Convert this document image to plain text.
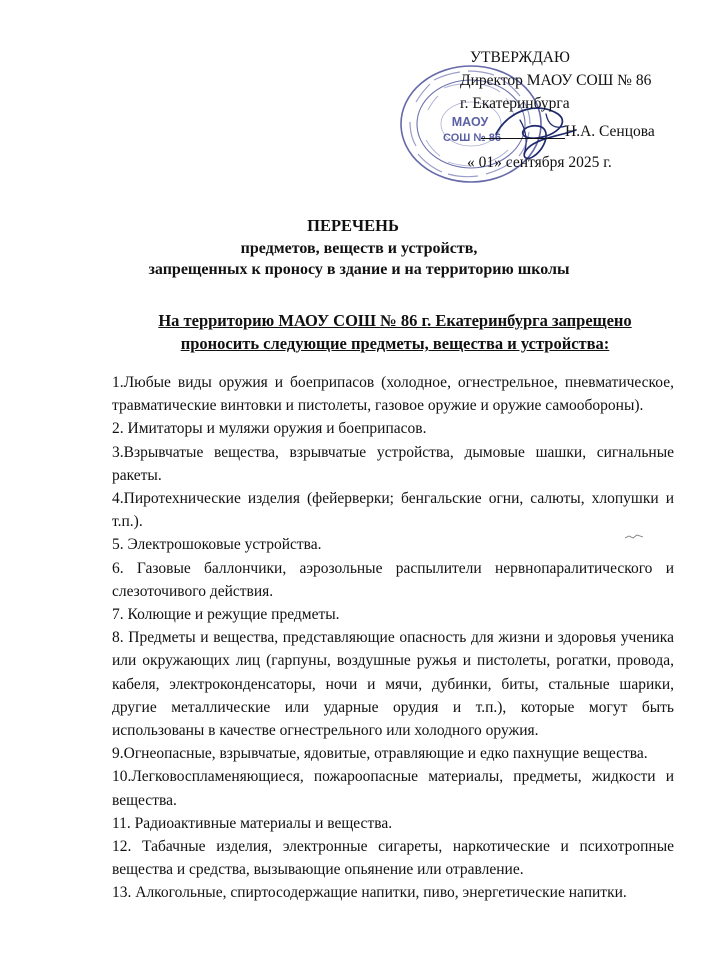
МАОУ
СОШ № 86
УТВЕРЖДАЮ
Директор МАОУ СОШ № 86
г. Екатеринбурга
Н.А. Сенцова
« 01» сентября 2025 г.
ПЕРЕЧЕНЬ
предметов, веществ и устройств,
запрещенных к проносу в здание и на территорию школы
На территорию МАОУ СОШ № 86 г. Екатеринбурга запрещено
проносить следующие предметы, вещества и устройства:

1.Любые виды оружия и боеприпасов (холодное, огнестрельное, пневматическое, травматические винтовки и пистолеты, газовое оружие и оружие самообороны).

2. Имитаторы и муляжи оружия и боеприпасов.

3.Взрывчатые вещества, взрывчатые устройства, дымовые шашки, сигнальные ракеты.

4.Пиротехнические изделия (фейерверки; бенгальские огни, салюты, хлопушки и т.п.).

5. Электрошоковые устройства.

6. Газовые баллончики, аэрозольные распылители нервнопаралитического и слезоточивого действия.

7. Колющие и режущие предметы.

8. Предметы и вещества, представляющие опасность для жизни и здоровья ученика или окружающих лиц (гарпуны, воздушные ружья и пистолеты, рогатки, провода, кабеля, электроконденсаторы, ночи и мячи, дубинки, биты, стальные шарики, другие металлические или ударные орудия и т.п.), которые могут быть использованы в качестве огнестрельного или холодного оружия.

9.Огнеопасные, взрывчатые, ядовитые, отравляющие и едко пахнущие вещества.

10.Легковоспламеняющиеся, пожароопасные материалы, предметы, жидкости и вещества.

11. Радиоактивные материалы и вещества.

12. Табачные изделия, электронные сигареты, наркотические и психотропные вещества и средства, вызывающие опьянение или отравление.

13. Алкогольные, спиртосодержащие напитки, пиво, энергетические напитки.
